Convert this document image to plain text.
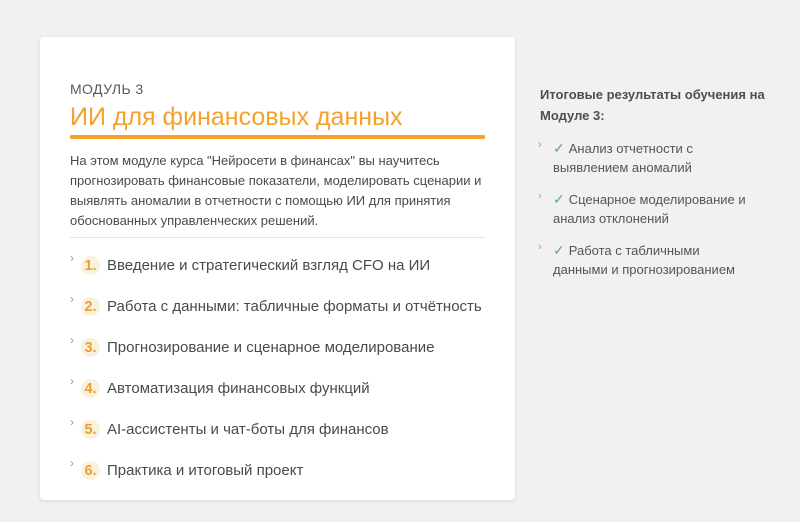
МОДУЛЬ 3
ИИ для финансовых данных

На этом модуле курса "Нейросети в финансах" вы научитесь прогнозировать финансовые показатели, моделировать сценарии и выявлять аномалии в отчетности с помощью ИИ для принятия обоснованных управленческих решений.

› 1. Введение и стратегический взгляд CFO на ИИ
› 2. Работа с данными: табличные форматы и отчётность
› 3. Прогнозирование и сценарное моделирование
› 4. Автоматизация финансовых функций
› 5. AI-ассистенты и чат-боты для финансов
› 6. Практика и итоговый проект
Итоговые результаты обучения на Модуле 3:
› ✓ Анализ отчетности с выявлением аномалий
› ✓ Сценарное моделирование и анализ отклонений
› ✓ Работа с табличными данными и прогнозированием
